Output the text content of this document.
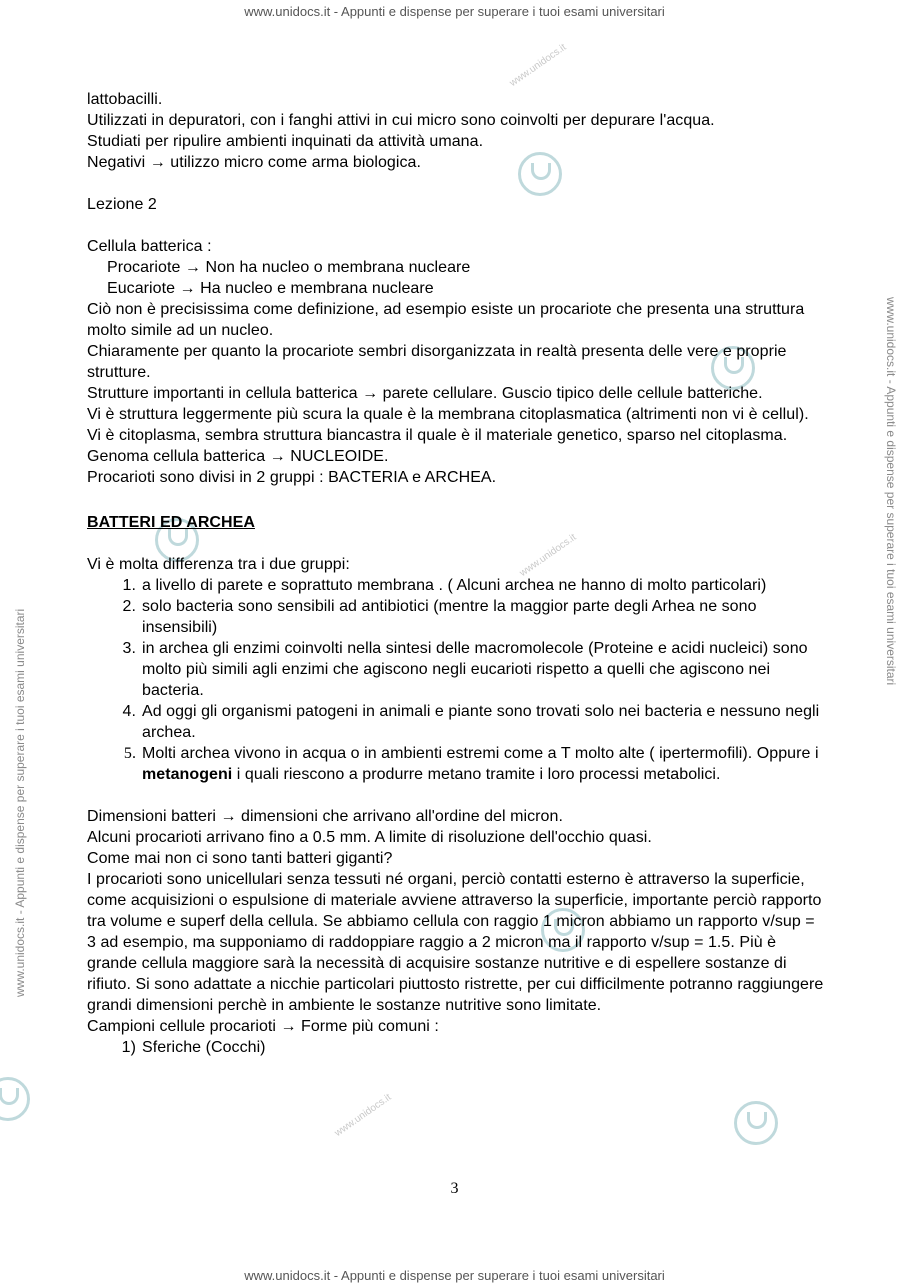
www.unidocs.it - Appunti e dispense per superare i tuoi esami universitari
www.unidocs.it - Appunti e dispense per superare i tuoi esami universitari
www.unidocs.it - Appunti e dispense per superare i tuoi esami universitari
www.unidocs.it - Appunti e dispense per superare i tuoi esami universitari
www.unidocs.it
www.unidocs.it
www.unidocs.it

lattobacilli.

Utilizzati in depuratori, con i fanghi attivi in cui micro sono coinvolti per depurare l'acqua.

Studiati per ripulire ambienti inquinati da attività umana.

Negativi → utilizzo micro come arma biologica.

Lezione 2

Cellula batterica :

Procariote → Non ha nucleo o membrana nucleare

Eucariote → Ha nucleo e membrana nucleare

Ciò non è precisissima come definizione, ad esempio esiste un procariote che presenta una struttura molto simile ad un nucleo.

Chiaramente per quanto la procariote sembri disorganizzata in realtà presenta delle vere e proprie strutture.

Strutture importanti in cellula batterica → parete cellulare. Guscio tipico delle cellule batteriche.

Vi è struttura leggermente più scura la quale è la membrana citoplasmatica (altrimenti non vi è cellul). Vi è citoplasma, sembra struttura biancastra il quale è il materiale genetico, sparso nel citoplasma. Genoma cellula batterica → NUCLEOIDE.

Procarioti sono divisi in 2 gruppi : BACTERIA e ARCHEA.

BATTERI ED ARCHEA

Vi è molta differenza tra i due gruppi:

1. a livello di parete e soprattuto membrana . ( Alcuni archea ne hanno di molto particolari)
2. solo bacteria sono sensibili ad antibiotici (mentre la maggior parte degli Arhea ne sono insensibili)
3. in archea gli enzimi coinvolti nella sintesi delle macromolecole (Proteine e acidi nucleici) sono molto più simili agli enzimi che agiscono negli eucarioti rispetto a quelli che agiscono nei bacteria.
4. Ad oggi gli organismi patogeni in animali e piante sono trovati solo nei bacteria e nessuno negli archea.
5. Molti archea vivono in acqua o in ambienti estremi come a T molto alte ( ipertermofili). Oppure i metanogeni i quali riescono a produrre metano tramite i loro processi metabolici.

Dimensioni batteri → dimensioni che arrivano all'ordine del micron.

Alcuni procarioti arrivano fino a 0.5 mm. A limite di risoluzione dell'occhio quasi.

Come mai non ci sono tanti batteri giganti?

I procarioti sono unicellulari senza tessuti né organi, perciò contatti esterno è attraverso la superficie, come acquisizioni o espulsione di materiale avviene attraverso la superficie, importante perciò rapporto tra volume e superf della cellula. Se abbiamo cellula con raggio 1 micron abbiamo un rapporto v/sup = 3 ad esempio, ma supponiamo di raddoppiare raggio a 2 micron ma il rapporto v/sup = 1.5. Più è grande cellula maggiore sarà la necessità di acquisire sostanze nutritive e di espellere sostanze di rifiuto. Si sono adattate a nicchie particolari piuttosto ristrette, per cui difficilmente potranno raggiungere grandi dimensioni perchè in ambiente le sostanze nutritive sono limitate.

Campioni cellule procarioti → Forme più comuni :

1) Sferiche (Cocchi)
3
